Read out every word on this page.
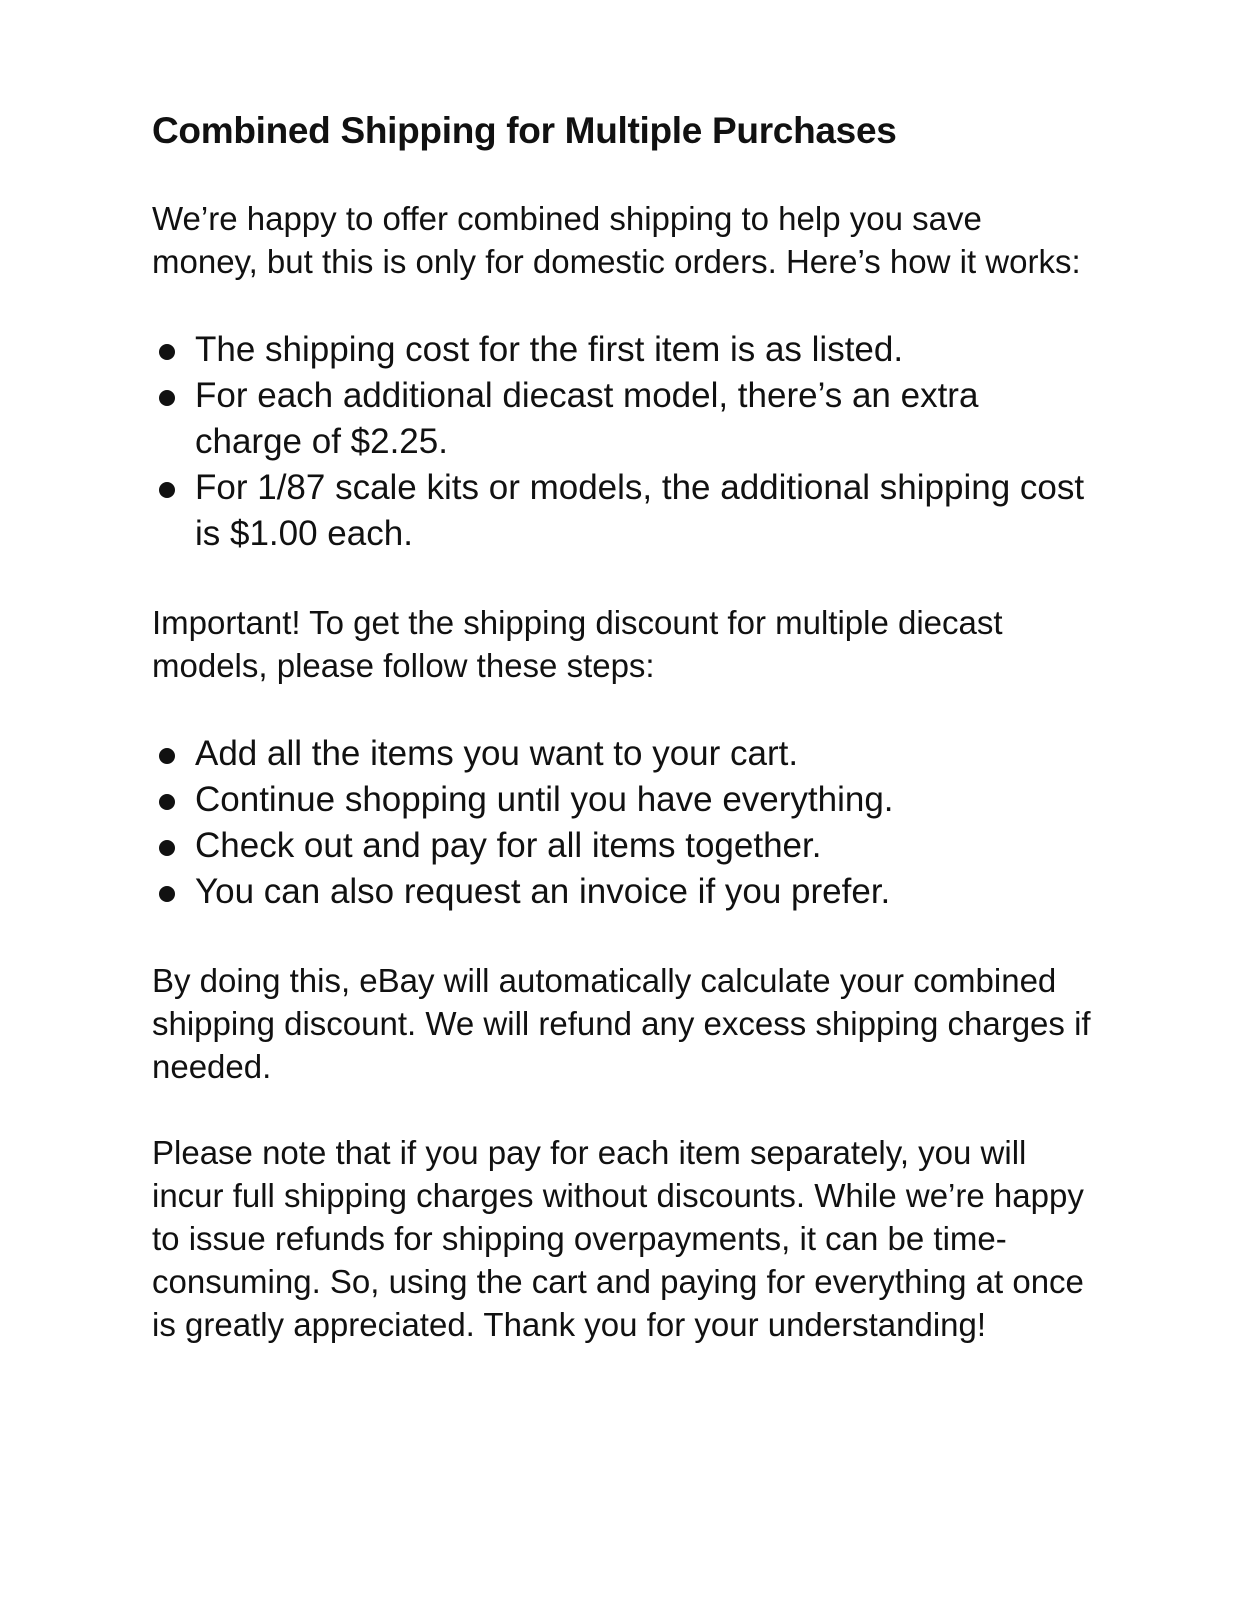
Combined Shipping for Multiple Purchases

We’re happy to offer combined shipping to help you save money, but this is only for domestic orders. Here’s how it works:

The shipping cost for the first item is as listed.
For each additional diecast model, there’s an extra charge of $2.25.
For 1/87 scale kits or models, the additional shipping cost is $1.00 each.

Important! To get the shipping discount for multiple diecast models, please follow these steps:

Add all the items you want to your cart.
Continue shopping until you have everything.
Check out and pay for all items together.
You can also request an invoice if you prefer.

By doing this, eBay will automatically calculate your combined shipping discount. We will refund any excess shipping charges if needed.

Please note that if you pay for each item separately, you will incur full shipping charges without discounts. While we’re happy to issue refunds for shipping overpayments, it can be time-consuming. So, using the cart and paying for everything at once is greatly appreciated. Thank you for your understanding!
